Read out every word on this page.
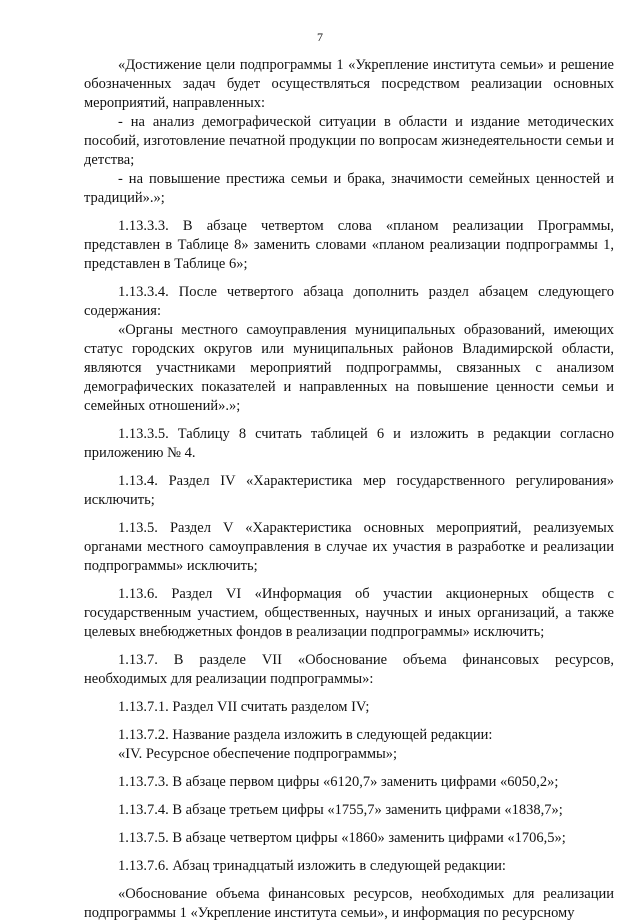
7

«Достижение цели подпрограммы 1 «Укрепление института семьи» и решение обозначенных задач будет осуществляться посредством реализации основных мероприятий, направленных:

- на анализ демографической ситуации в области и издание методических пособий, изготовление печатной продукции по вопросам жизнедеятельности семьи и детства;

- на повышение престижа семьи и брака, значимости семейных ценностей и традиций».»;

1.13.3.3. В абзаце четвертом слова «планом реализации Программы, представлен в Таблице 8» заменить словами «планом реализации подпрограммы 1, представлен в Таблице 6»;

1.13.3.4. После четвертого абзаца дополнить раздел абзацем следующего содержания:

«Органы местного самоуправления муниципальных образований, имеющих статус городских округов или муниципальных районов Владимирской области, являются участниками мероприятий подпрограммы, связанных с анализом демографических показателей и направленных на повышение ценности семьи и семейных отношений».»;

1.13.3.5. Таблицу 8 считать таблицей 6 и изложить в редакции согласно приложению № 4.

1.13.4. Раздел IV «Характеристика мер государственного регулирования» исключить;

1.13.5. Раздел V «Характеристика основных мероприятий, реализуемых органами местного самоуправления в случае их участия в разработке и реализации подпрограммы» исключить;

1.13.6. Раздел VI «Информация об участии акционерных обществ с государственным участием, общественных, научных и иных организаций, а также целевых внебюджетных фондов в реализации подпрограммы» исключить;

1.13.7. В разделе VII «Обоснование объема финансовых ресурсов, необходимых для реализации подпрограммы»:

1.13.7.1. Раздел VII считать разделом IV;

1.13.7.2. Название раздела изложить в следующей редакции:

«IV. Ресурсное обеспечение подпрограммы»;

1.13.7.3. В абзаце первом цифры «6120,7» заменить цифрами «6050,2»;

1.13.7.4. В абзаце третьем цифры «1755,7» заменить цифрами «1838,7»;

1.13.7.5. В абзаце четвертом цифры «1860» заменить цифрами «1706,5»;

1.13.7.6. Абзац тринадцатый изложить в следующей редакции:

«Обоснование объема финансовых ресурсов, необходимых для реализации подпрограммы 1 «Укрепление института семьи», и информация по ресурсному
